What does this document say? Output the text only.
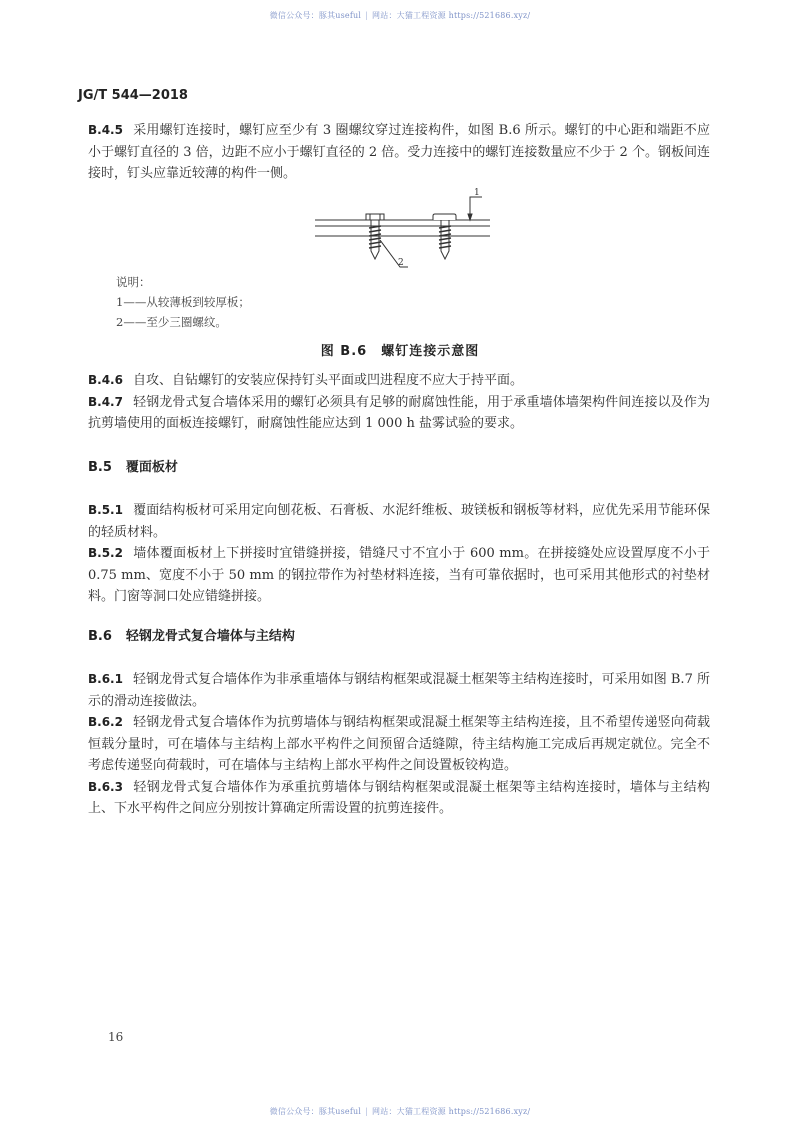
微信公众号：豚其useful | 网站：大猫工程资源 https://521686.xyz/
JG/T 544—2018

B.4.5 采用螺钉连接时，螺钉应至少有 3 圈螺纹穿过连接构件，如图 B.6 所示。螺钉的中心距和端距不应小于螺钉直径的 3 倍，边距不应小于螺钉直径的 2 倍。受力连接中的螺钉连接数量应不少于 2 个。钢板间连接时，钉头应靠近较薄的构件一侧。

1
2
说明：
1——从较薄板到较厚板；
2——至少三圈螺纹。
图 B.6　螺钉连接示意图

B.4.6 自攻、自钻螺钉的安装应保持钉头平面或凹进程度不应大于持平面。

B.4.7 轻钢龙骨式复合墙体采用的螺钉必须具有足够的耐腐蚀性能，用于承重墙体墙架构件间连接以及作为抗剪墙使用的面板连接螺钉，耐腐蚀性能应达到 1 000 h 盐雾试验的要求。

B.5 覆面板材

B.5.1 覆面结构板材可采用定向刨花板、石膏板、水泥纤维板、玻镁板和钢板等材料，应优先采用节能环保的轻质材料。

B.5.2 墙体覆面板材上下拼接时宜错缝拼接，错缝尺寸不宜小于 600 mm。在拼接缝处应设置厚度不小于 0.75 mm、宽度不小于 50 mm 的钢拉带作为衬垫材料连接，当有可靠依据时，也可采用其他形式的衬垫材料。门窗等洞口处应错缝拼接。

B.6 轻钢龙骨式复合墙体与主结构

B.6.1 轻钢龙骨式复合墙体作为非承重墙体与钢结构框架或混凝土框架等主结构连接时，可采用如图 B.7 所示的滑动连接做法。

B.6.2 轻钢龙骨式复合墙体作为抗剪墙体与钢结构框架或混凝土框架等主结构连接，且不希望传递竖向荷载恒载分量时，可在墙体与主结构上部水平构件之间预留合适缝隙，待主结构施工完成后再规定就位。完全不考虑传递竖向荷载时，可在墙体与主结构上部水平构件之间设置板铰构造。

B.6.3 轻钢龙骨式复合墙体作为承重抗剪墙体与钢结构框架或混凝土框架等主结构连接时，墙体与主结构上、下水平构件之间应分别按计算确定所需设置的抗剪连接件。

16
微信公众号：豚其useful | 网站：大猫工程资源 https://521686.xyz/
